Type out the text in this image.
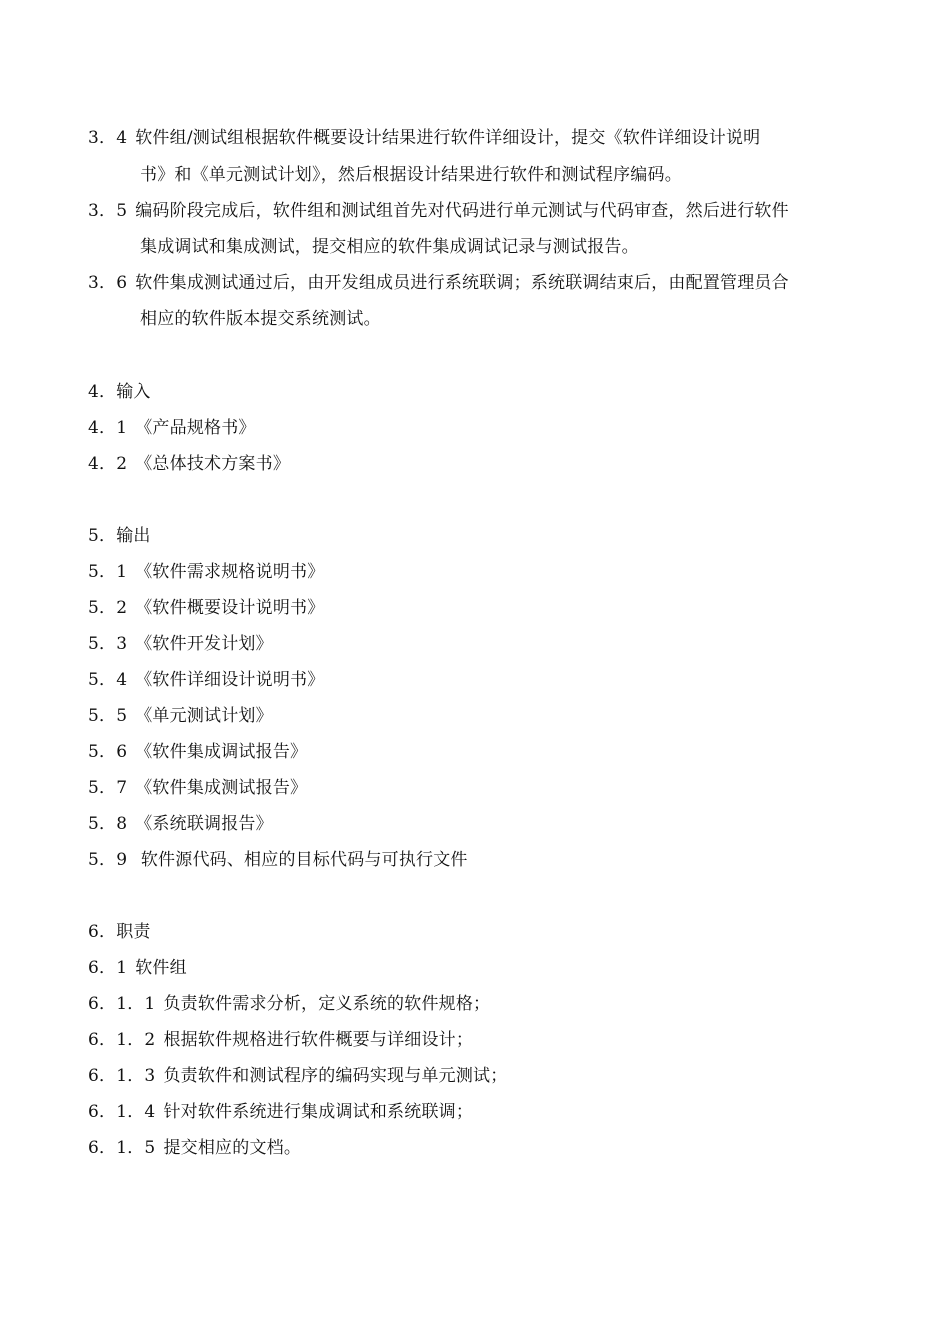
3．4 软件组/测试组根据软件概要设计结果进行软件详细设计，提交《软件详细设计说明
书》和《单元测试计划》，然后根据设计结果进行软件和测试程序编码。
3．5 编码阶段完成后，软件组和测试组首先对代码进行单元测试与代码审查，然后进行软件
集成调试和集成测试，提交相应的软件集成调试记录与测试报告。
3．6 软件集成测试通过后，由开发组成员进行系统联调；系统联调结束后，由配置管理员合
相应的软件版本提交系统测试。
4．输入
4．1 《产品规格书》
4．2 《总体技术方案书》
5．输出
5．1 《软件需求规格说明书》
5．2 《软件概要设计说明书》
5．3 《软件开发计划》
5．4 《软件详细设计说明书》
5．5 《单元测试计划》
5．6 《软件集成调试报告》
5．7 《软件集成测试报告》
5．8 《系统联调报告》
5．9 软件源代码、相应的目标代码与可执行文件
6．职责
6．1 软件组
6．1．1 负责软件需求分析，定义系统的软件规格；
6．1．2 根据软件规格进行软件概要与详细设计；
6．1．3 负责软件和测试程序的编码实现与单元测试；
6．1．4 针对软件系统进行集成调试和系统联调；
6．1．5 提交相应的文档。
